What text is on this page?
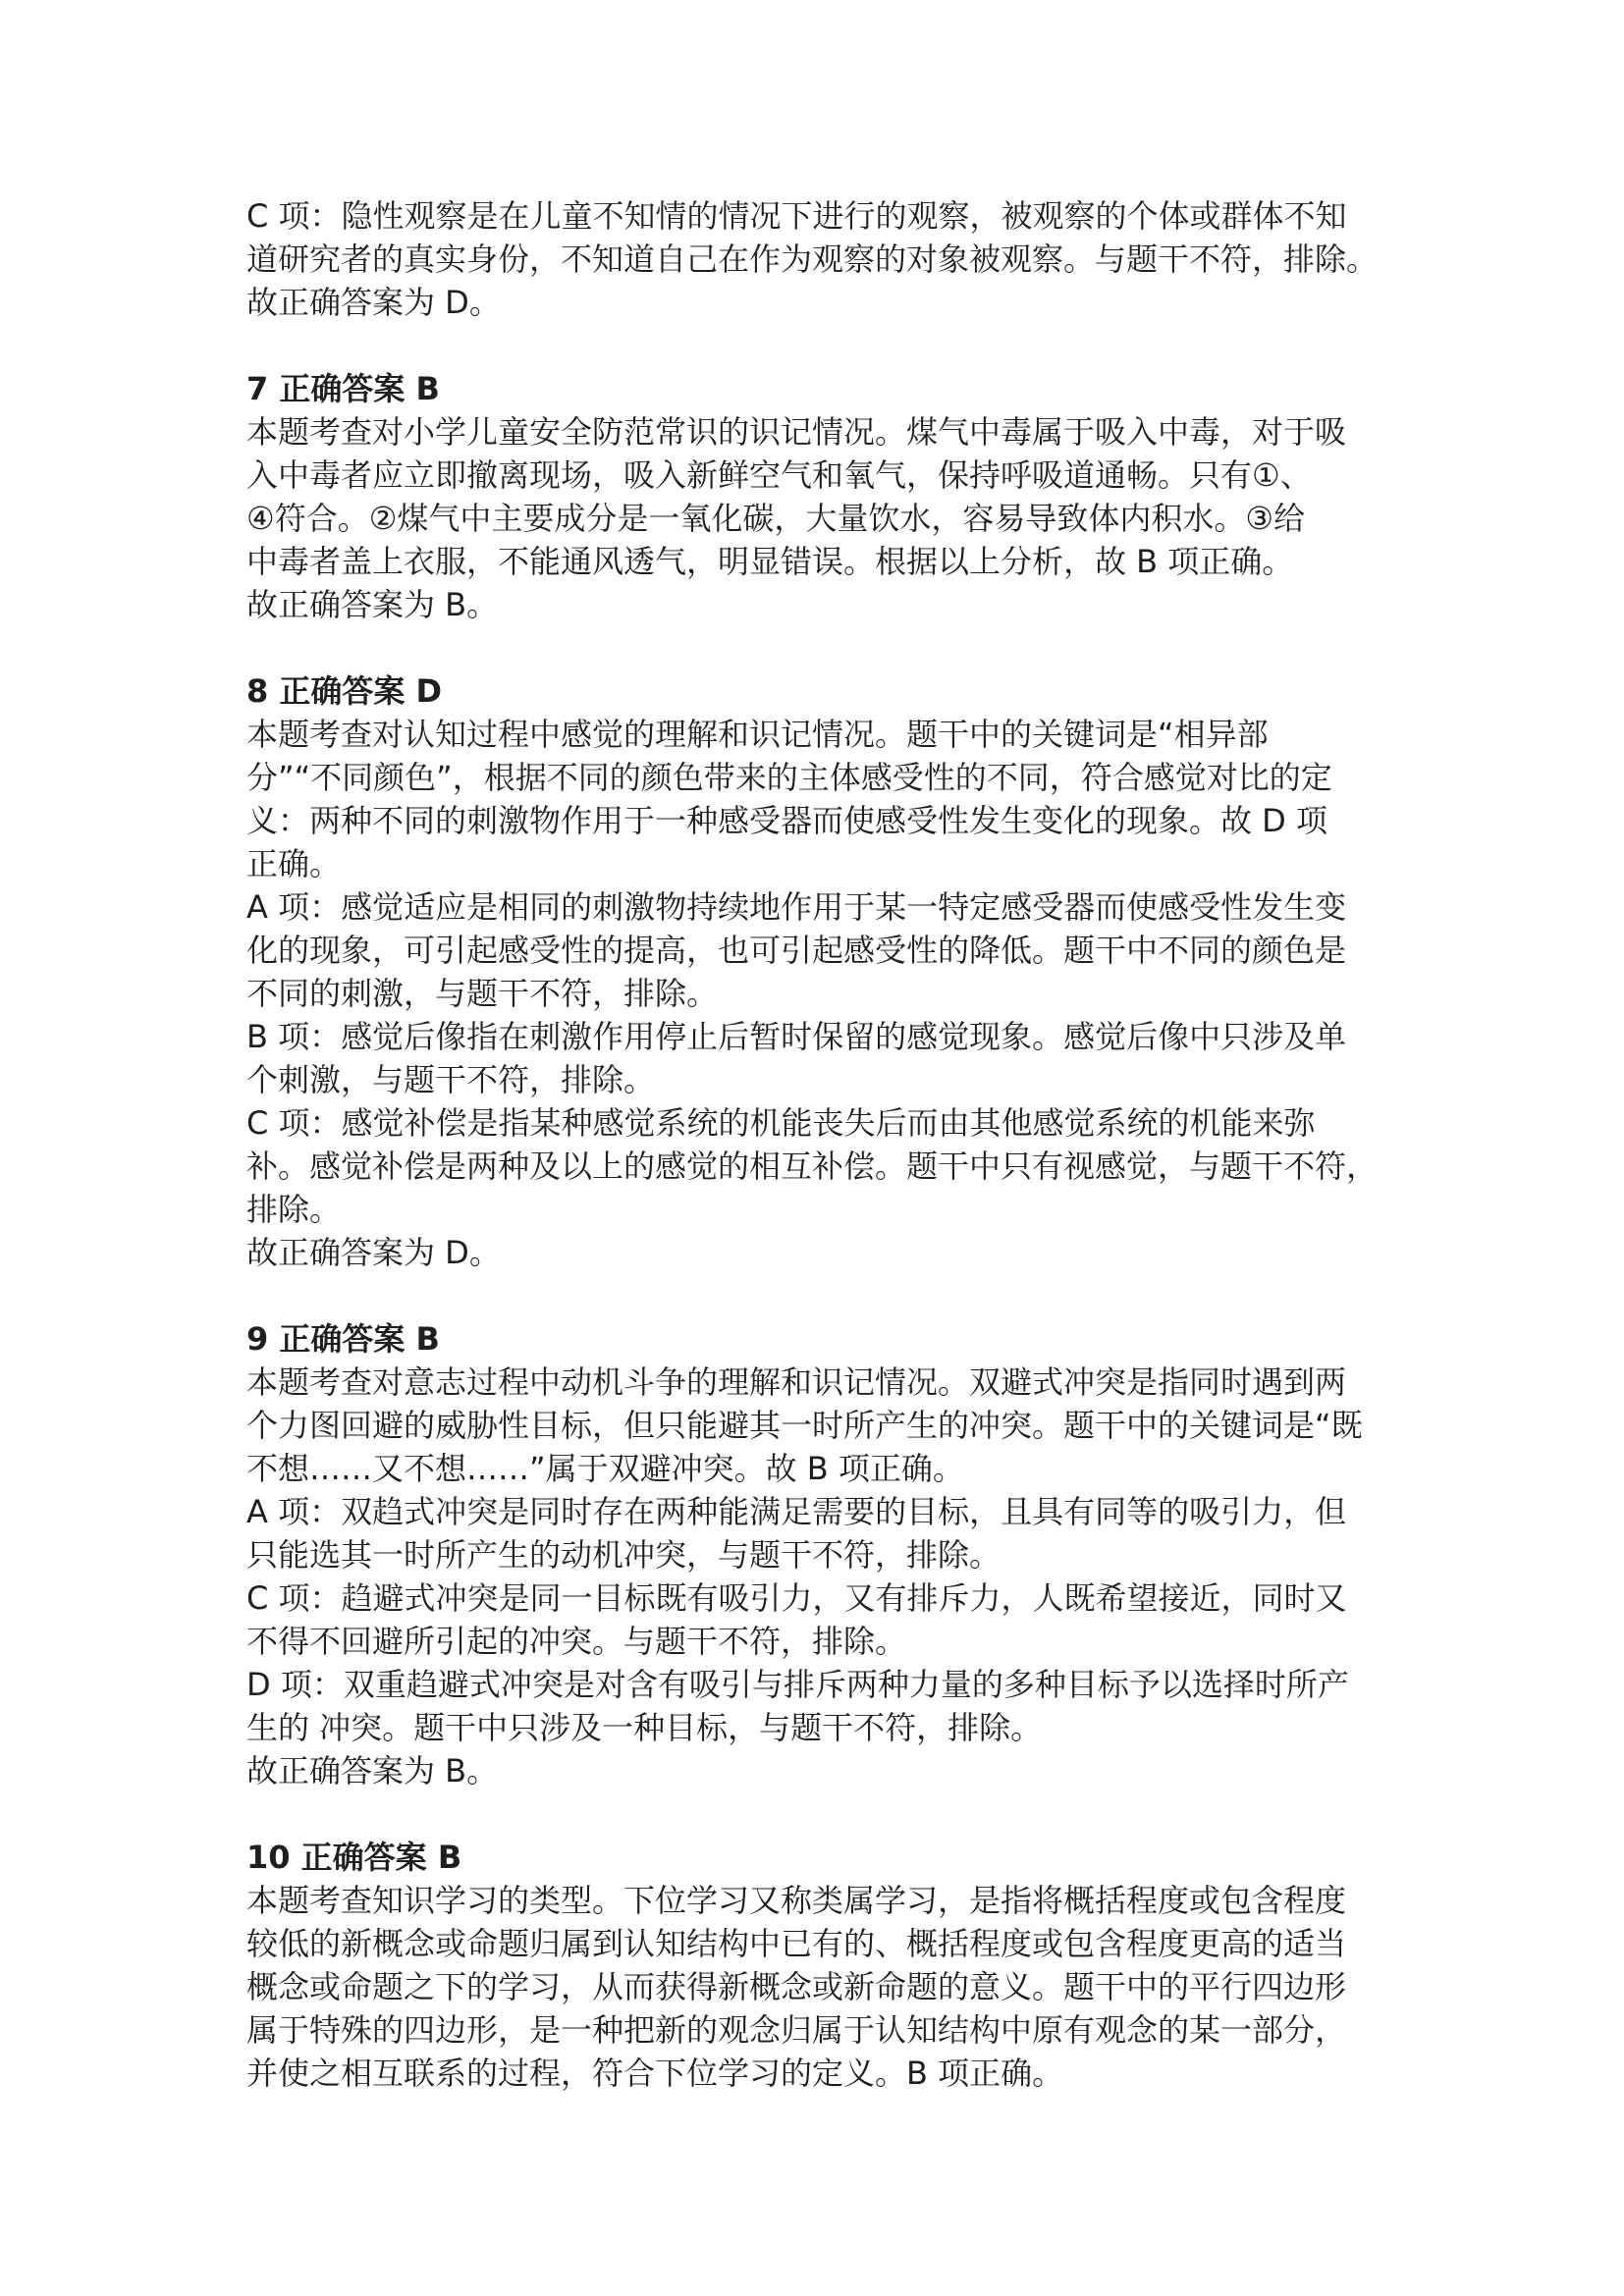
C 项：隐性观察是在儿童不知情的情况下进行的观察，被观察的个体或群体不知
道研究者的真实身份，不知道自己在作为观察的对象被观察。与题干不符，排除。

故正确答案为 D。

7 正确答案 B

本题考查对小学儿童安全防范常识的识记情况。煤气中毒属于吸入中毒，对于吸
入中毒者应立即撤离现场，吸入新鲜空气和氧气，保持呼吸道通畅。只有①、
④符合。②煤气中主要成分是一氧化碳，大量饮水，容易导致体内积水。③给
中毒者盖上衣服，不能通风透气，明显错误。根据以上分析，故 B 项正确。

故正确答案为 B。

8 正确答案 D

本题考查对认知过程中感觉的理解和识记情况。题干中的关键词是“相异部
分”“不同颜色”，根据不同的颜色带来的主体感受性的不同，符合感觉对比的定
义：两种不同的刺激物作用于一种感受器而使感受性发生变化的现象。故 D 项
正确。

A 项：感觉适应是相同的刺激物持续地作用于某一特定感受器而使感受性发生变
化的现象，可引起感受性的提高，也可引起感受性的降低。题干中不同的颜色是
不同的刺激，与题干不符，排除。

B 项：感觉后像指在刺激作用停止后暂时保留的感觉现象。感觉后像中只涉及单
个刺激，与题干不符，排除。

C 项：感觉补偿是指某种感觉系统的机能丧失后而由其他感觉系统的机能来弥
补。感觉补偿是两种及以上的感觉的相互补偿。题干中只有视感觉，与题干不符，
排除。

故正确答案为 D。

9 正确答案 B

本题考查对意志过程中动机斗争的理解和识记情况。双避式冲突是指同时遇到两
个力图回避的威胁性目标，但只能避其一时所产生的冲突。题干中的关键词是“既
不想……又不想……”属于双避冲突。故 B 项正确。

A 项：双趋式冲突是同时存在两种能满足需要的目标，且具有同等的吸引力，但
只能选其一时所产生的动机冲突，与题干不符，排除。

C 项：趋避式冲突是同一目标既有吸引力，又有排斥力，人既希望接近，同时又
不得不回避所引起的冲突。与题干不符，排除。

D 项：双重趋避式冲突是对含有吸引与排斥两种力量的多种目标予以选择时所产
生的 冲突。题干中只涉及一种目标，与题干不符，排除。

故正确答案为 B。

10 正确答案 B

本题考查知识学习的类型。下位学习又称类属学习，是指将概括程度或包含程度
较低的新概念或命题归属到认知结构中已有的、概括程度或包含程度更高的适当
概念或命题之下的学习，从而获得新概念或新命题的意义。题干中的平行四边形
属于特殊的四边形，是一种把新的观念归属于认知结构中原有观念的某一部分，
并使之相互联系的过程，符合下位学习的定义。B 项正确。
